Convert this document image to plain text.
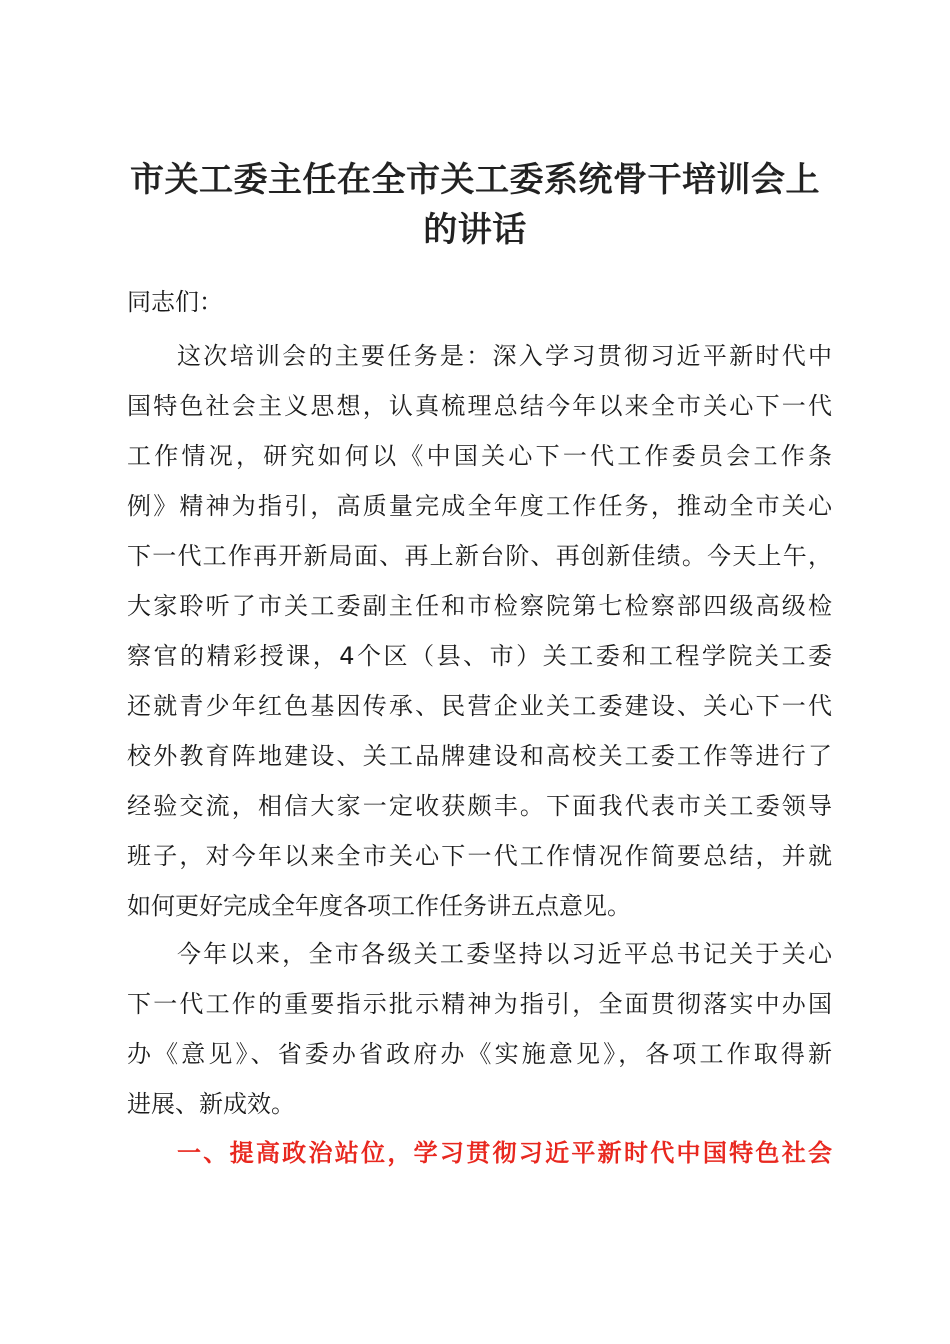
市关工委主任在全市关工委系统骨干培训会上
的讲话

同志们：

这次培训会的主要任务是：深入学习贯彻习近平新时代中
国特色社会主义思想，认真梳理总结今年以来全市关心下一代
工作情况，研究如何以《中国关心下一代工作委员会工作条
例》精神为指引，高质量完成全年度工作任务，推动全市关心
下一代工作再开新局面、再上新台阶、再创新佳绩。今天上午，
大家聆听了市关工委副主任和市检察院第七检察部四级高级检
察官的精彩授课，4个区（县、市）关工委和工程学院关工委
还就青少年红色基因传承、民营企业关工委建设、关心下一代
校外教育阵地建设、关工品牌建设和高校关工委工作等进行了
经验交流，相信大家一定收获颇丰。下面我代表市关工委领导
班子，对今年以来全市关心下一代工作情况作简要总结，并就
如何更好完成全年度各项工作任务讲五点意见。
今年以来，全市各级关工委坚持以习近平总书记关于关心
下一代工作的重要指示批示精神为指引，全面贯彻落实中办国
办《意见》、省委办省政府办《实施意见》，各项工作取得新
进展、新成效。

一、提高政治站位，学习贯彻习近平新时代中国特色社会
